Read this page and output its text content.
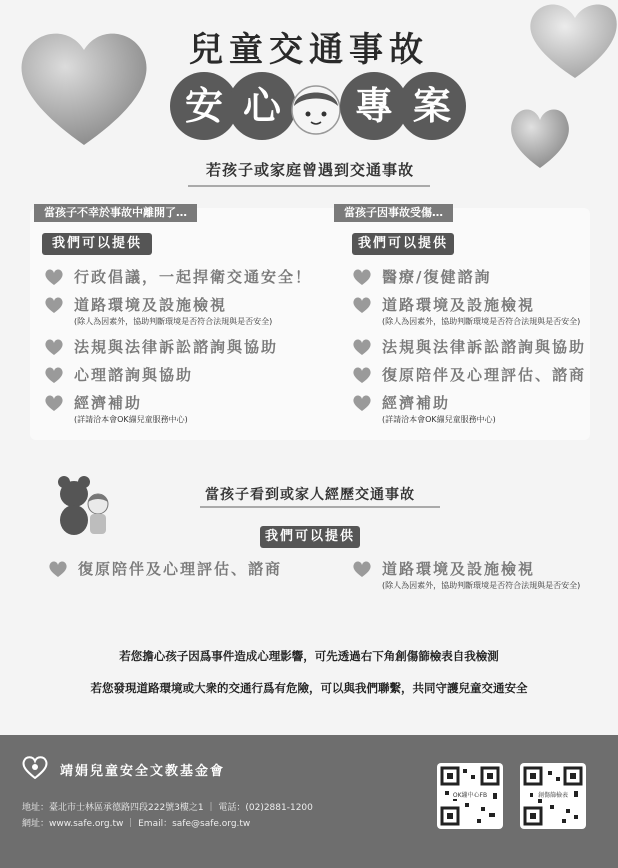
兒童交通事故
安 心	專 案
若孩子或家庭曾遇到交通事故
當孩子不幸於事故中離開了…
我們可以提供
行政倡議，一起捍衛交通安全！
道路環境及設施檢視
(除人為因素外，協助判斷環境是否符合法規與是否安全)
法規與法律訴訟諮詢與協助
心理諮詢與協助
經濟補助
(詳請洽本會OK繃兒童服務中心)
當孩子因事故受傷…
我們可以提供
醫療/復健諮詢
道路環境及設施檢視
(除人為因素外，協助判斷環境是否符合法規與是否安全)
法規與法律訴訟諮詢與協助
復原陪伴及心理評估、諮商
經濟補助
(詳請洽本會OK繃兒童服務中心)
當孩子看到或家人經歷交通事故
我們可以提供
復原陪伴及心理評估、諮商	道路環境及設施檢視
(除人為因素外，協助判斷環境是否符合法規與是否安全)
若您擔心孩子因爲事件造成心理影響，可先透過右下角創傷篩檢表自我檢測
若您發現道路環境或大衆的交通行爲有危險，可以與我們聯繫，共同守護兒童交通安全
靖娟兒童安全文教基金會
地址：臺北市士林區承德路四段222號3樓之1 ｜ 電話：(02)2881-1200
網址：www.safe.org.tw ｜ Email：safe@safe.org.tw
OK繃中心FB	創傷篩檢表
